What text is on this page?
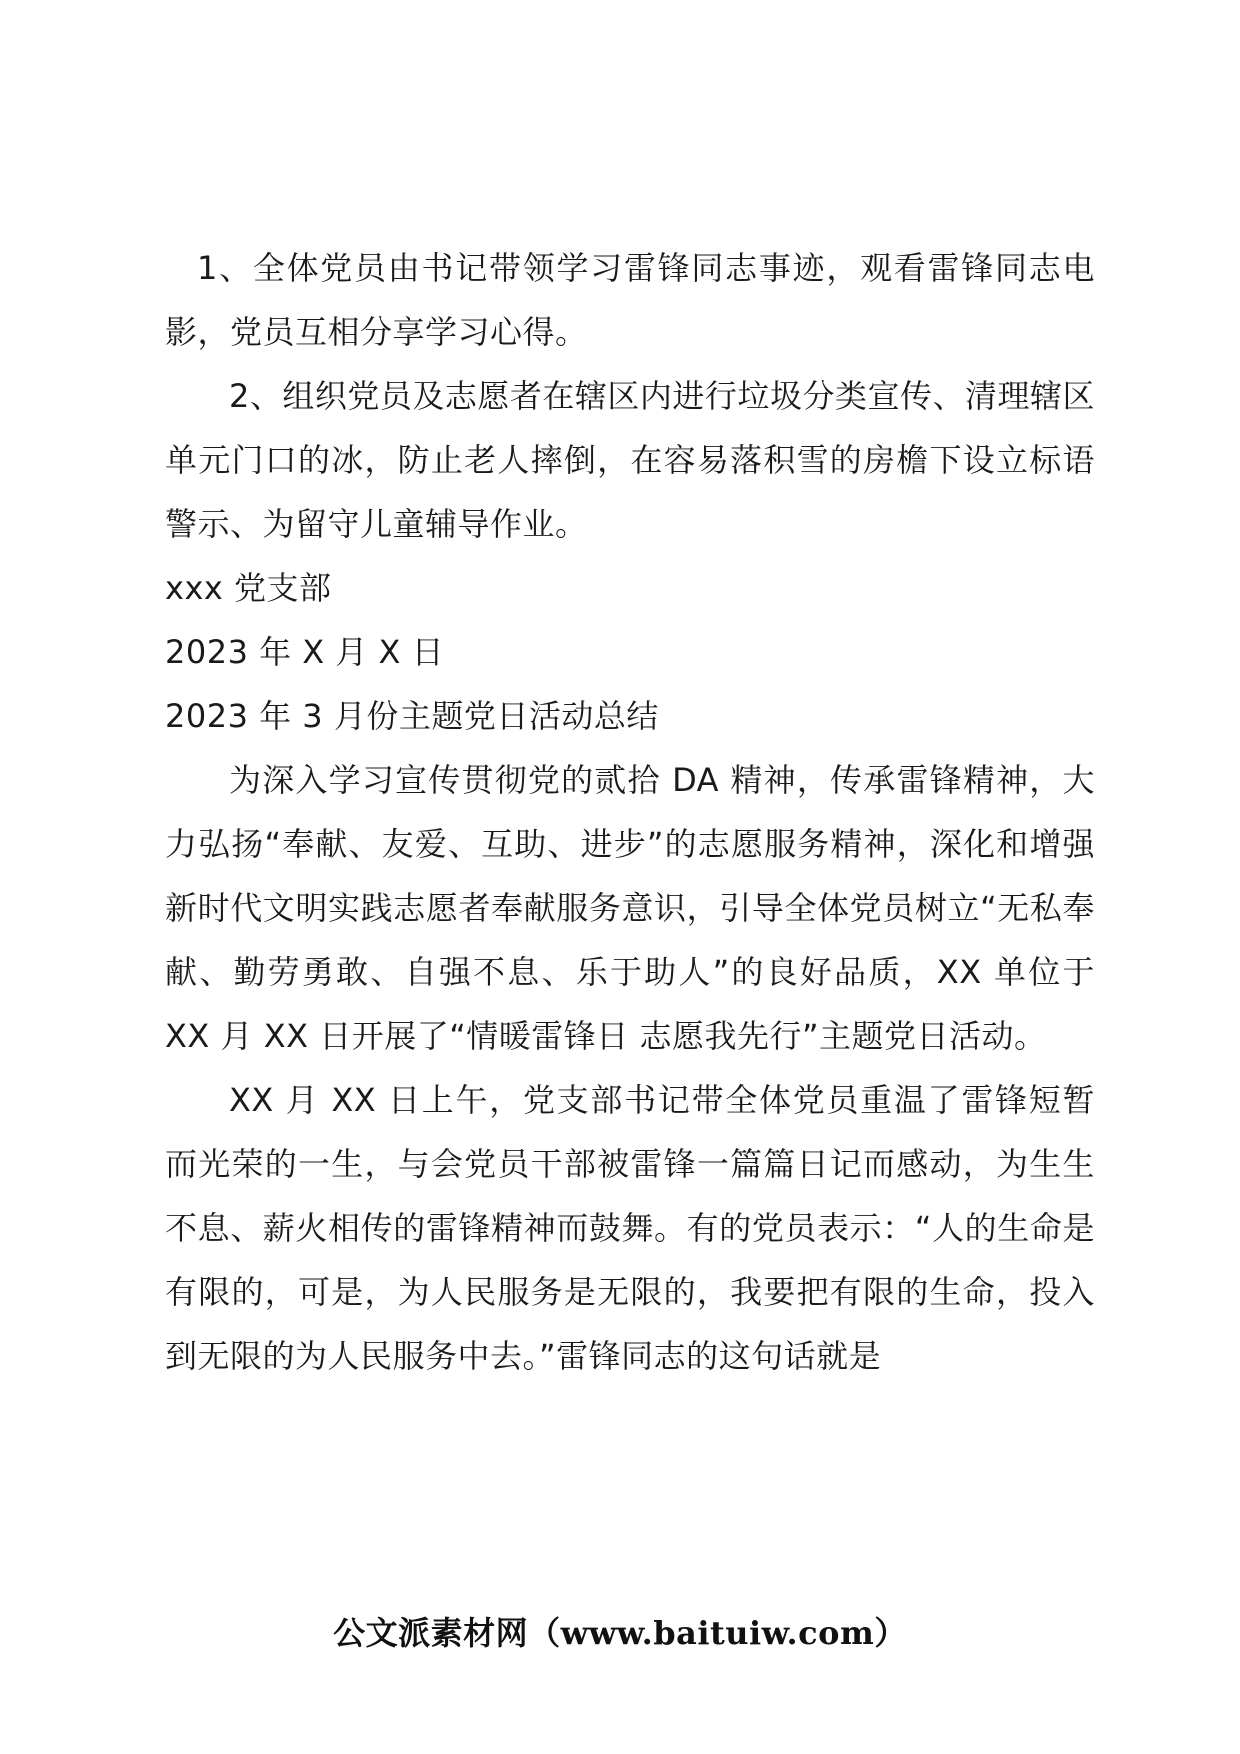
1、全体党员由书记带领学习雷锋同志事迹，观看雷锋同志电影，党员互相分享学习心得。

2、组织党员及志愿者在辖区内进行垃圾分类宣传、清理辖区单元门口的冰，防止老人摔倒，在容易落积雪的房檐下设立标语警示、为留守儿童辅导作业。

xxx 党支部

2023 年 X 月 X 日

2023 年 3 月份主题党日活动总结

为深入学习宣传贯彻党的贰拾 DA 精神，传承雷锋精神，大力弘扬“奉献、友爱、互助、进步”的志愿服务精神，深化和增强新时代文明实践志愿者奉献服务意识，引导全体党员树立“无私奉献、勤劳勇敢、自强不息、乐于助人”的良好品质，XX 单位于 XX 月 XX 日开展了“情暖雷锋日 志愿我先行”主题党日活动。

XX 月 XX 日上午，党支部书记带全体党员重温了雷锋短暂而光荣的一生，与会党员干部被雷锋一篇篇日记而感动，为生生不息、薪火相传的雷锋精神而鼓舞。有的党员表示：“人的生命是有限的，可是，为人民服务是无限的，我要把有限的生命，投入到无限的为人民服务中去。”雷锋同志的这句话就是

公文派素材网（www.baituiw.com）
